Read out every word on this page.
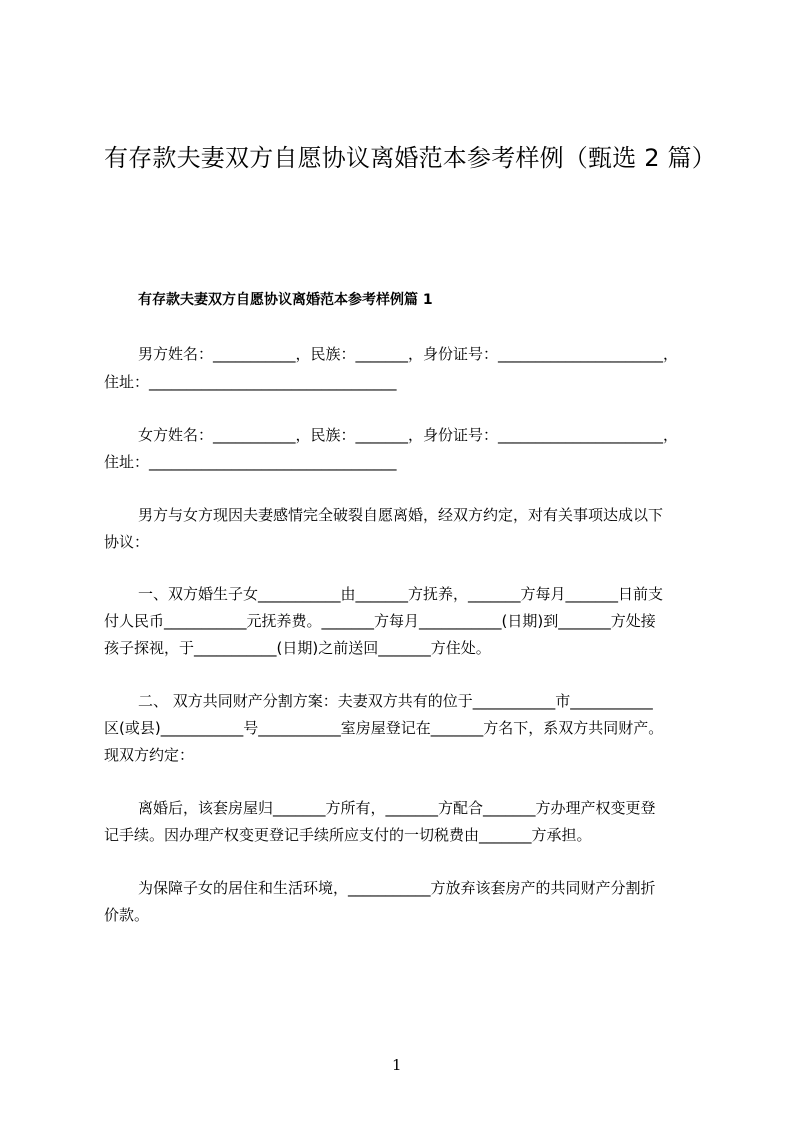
有存款夫妻双方自愿协议离婚范本参考样例（甄选 2 篇）
有存款夫妻双方自愿协议离婚范本参考样例篇 1
男方姓名：___________，民族：_______，身份证号：______________________，
住址：_________________________________
女方姓名：___________，民族：_______，身份证号：______________________，
住址：_________________________________
男方与女方现因夫妻感情完全破裂自愿离婚，经双方约定，对有关事项达成以下
协议：
一、双方婚生子女___________由_______方抚养，_______方每月_______日前支
付人民币___________元抚养费。_______方每月___________(日期)到_______方处接
孩子探视，于___________(日期)之前送回_______方住处。
二、 双方共同财产分割方案：夫妻双方共有的位于___________市___________
区(或县)___________号___________室房屋登记在_______方名下，系双方共同财产。
现双方约定：
离婚后，该套房屋归_______方所有，_______方配合_______方办理产权变更登
记手续。因办理产权变更登记手续所应支付的一切税费由_______方承担。
为保障子女的居住和生活环境，___________方放弃该套房产的共同财产分割折
价款。
1
